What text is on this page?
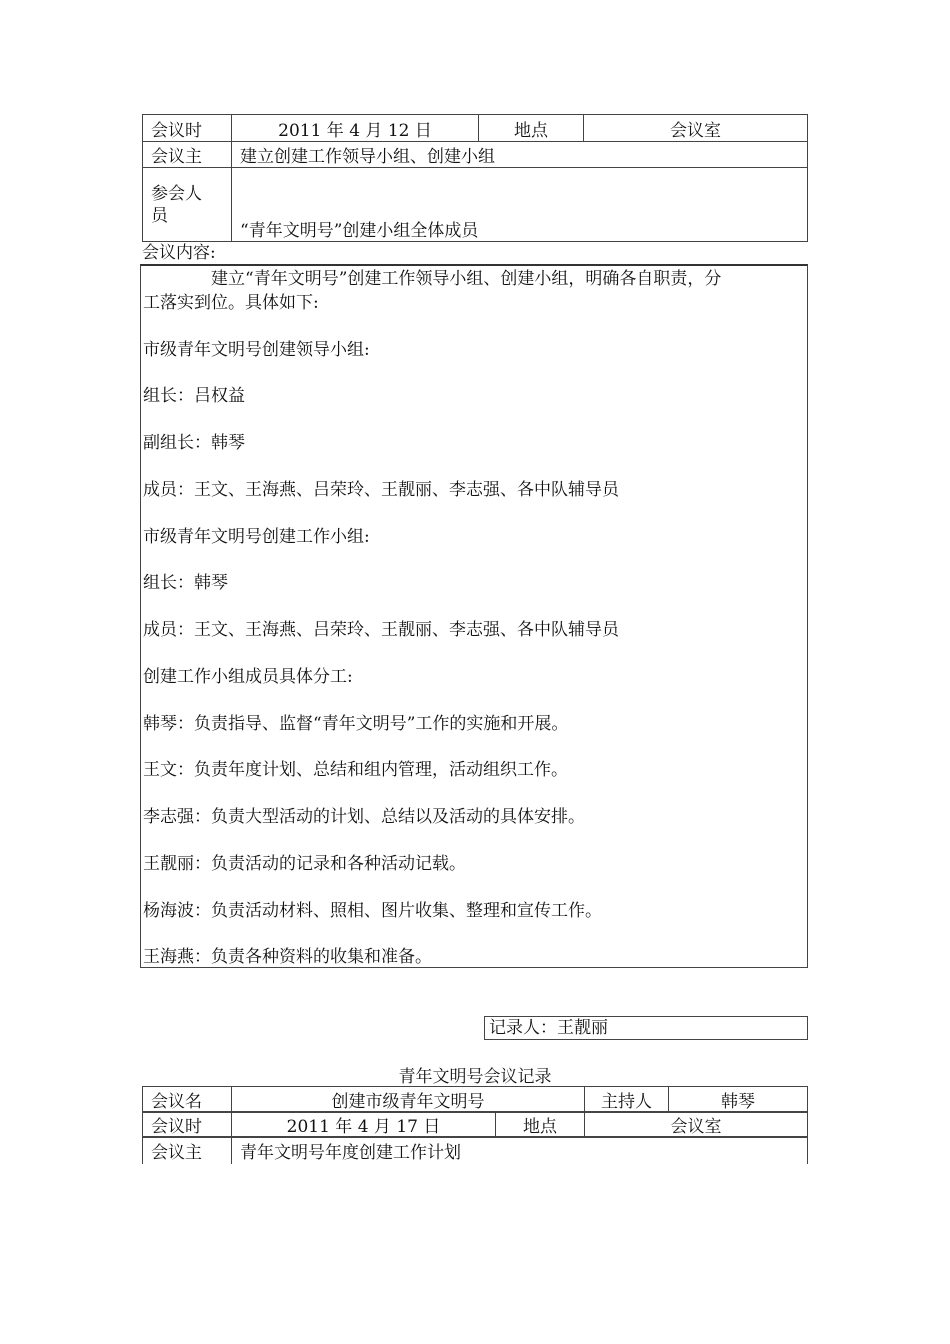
会议时	2011 年 4 月 12 日	地点	会议室
会议主	建立创建工作领导小组、创建小组		

参会人
员	“青年文明号”创建小组全体成员		
会议内容:

建立“青年文明号”创建工作领导小组、创建小组，明确各自职责，分

工落实到位。具体如下:

市级青年文明号创建领导小组:

组长：吕权益

副组长：韩琴

成员：王文、王海燕、吕荣玲、王靓丽、李志强、各中队辅导员

市级青年文明号创建工作小组:

组长：韩琴

成员：王文、王海燕、吕荣玲、王靓丽、李志强、各中队辅导员

创建工作小组成员具体分工:

韩琴：负责指导、监督“青年文明号”工作的实施和开展。

王文：负责年度计划、总结和组内管理，活动组织工作。

李志强：负责大型活动的计划、总结以及活动的具体安排。

王靓丽：负责活动的记录和各种活动记载。

杨海波：负责活动材料、照相、图片收集、整理和宣传工作。

王海燕：负责各种资料的收集和准备。

记录人：王靓丽
青年文明号会议记录
会议名	创建市级青年文明号	主持人	韩琴
会议时	2011 年 4 月 17 日	地点	会议室
会议主	青年文明号年度创建工作计划
